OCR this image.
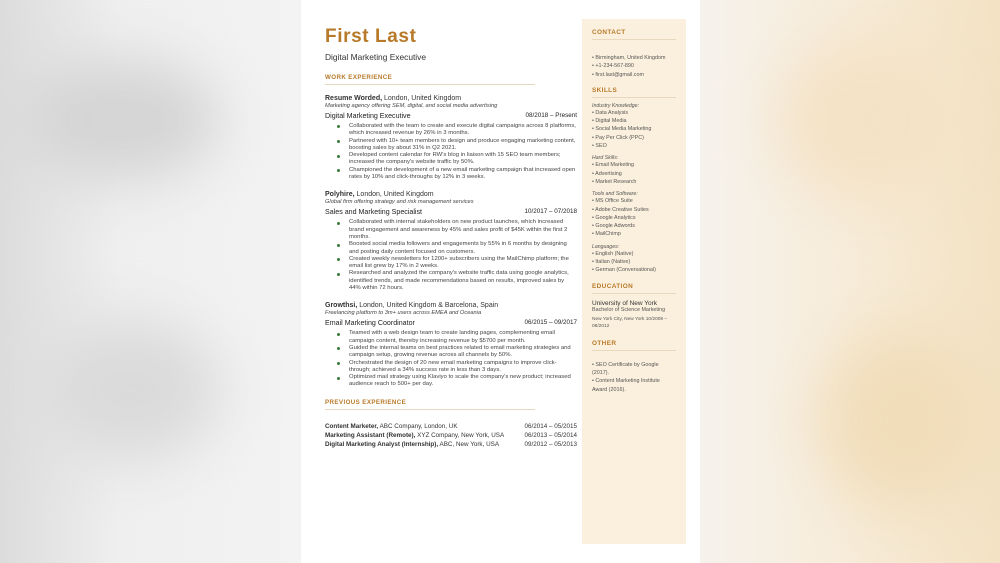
First Last
Digital Marketing Executive
WORK EXPERIENCE
Resume Worded, London, United Kingdom
Marketing agency offering SEM, digital, and social media advertising
Digital Marketing Executive	08/2018 – Present
Collaborated with the team to create and execute digital campaigns across 8 platforms, which increased revenue by 26% in 3 months.
Partnered with 10+ team members to design and produce engaging marketing content, boosting sales by about 31% in Q2 2021.
Developed content calendar for RW's blog in liaison with 15 SEO team members; increased the company's website traffic by 50%.
Championed the development of a new email marketing campaign that increased open rates by 10% and click-throughs by 12% in 3 weeks.
Polyhire, London, United Kingdom
Global firm offering strategy and risk management services
Sales and Marketing Specialist	10/2017 – 07/2018
Collaborated with internal stakeholders on new product launches, which increased brand engagement and awareness by 45% and sales profit of $45K within the first 2 months.
Boosted social media followers and engagements by 55% in 6 months by designing and posting daily content focused on customers.
Created weekly newsletters for 1200+ subscribers using the MailChimp platform; the email list grew by 17% in 2 weeks.
Researched and analyzed the company's website traffic data using google analytics, identified trends, and made recommendations based on results, improved sales by 44% within 72 hours.
Growthsi, London, United Kingdom & Barcelona, Spain
Freelancing platform to 3m+ users across EMEA and Oceania
Email Marketing Coordinator	06/2015 – 09/2017
Teamed with a web design team to create landing pages, complementing email campaign content, thereby increasing revenue by $5700 per month.
Guided the internal teams on best practices related to email marketing strategies and campaign setup, growing revenue across all channels by 50%.
Orchestrated the design of 20 new email marketing campaigns to improve click-through; achieved a 34% success rate in less than 3 days.
Optimized mail strategy using Klaviyo to scale the company's new product; increased audience reach to 500+ per day.
PREVIOUS EXPERIENCE
Content Marketer, ABC Company, London, UK	06/2014 – 05/2015
Marketing Assistant (Remote), XYZ Company, New York, USA	06/2013 – 05/2014
Digital Marketing Analyst (Internship), ABC, New York, USA	09/2012 – 05/2013
CONTACT
• Birmingham, United Kingdom
• +1-234-567-890
• first.last@gmail.com
SKILLS
Industry Knowledge:
• Data Analysis
• Digital Media
• Social Media Marketing
• Pay Per Click (PPC)
• SEO
Hard Skills:
• Email Marketing
• Advertising
• Market Research
Tools and Software:
• MS Office Suite
• Adobe Creative Suites
• Google Analytics
• Google Adwords
• MailChimp
Languages:
• English (Native)
• Italian (Native)
• German (Conversational)
EDUCATION
University of New York
Bachelor of Science Marketing
New York City, New York 10/2009 – 08/2012
OTHER
• SEO Certificate by Google (2017).
• Content Marketing Institute Award (2016).
